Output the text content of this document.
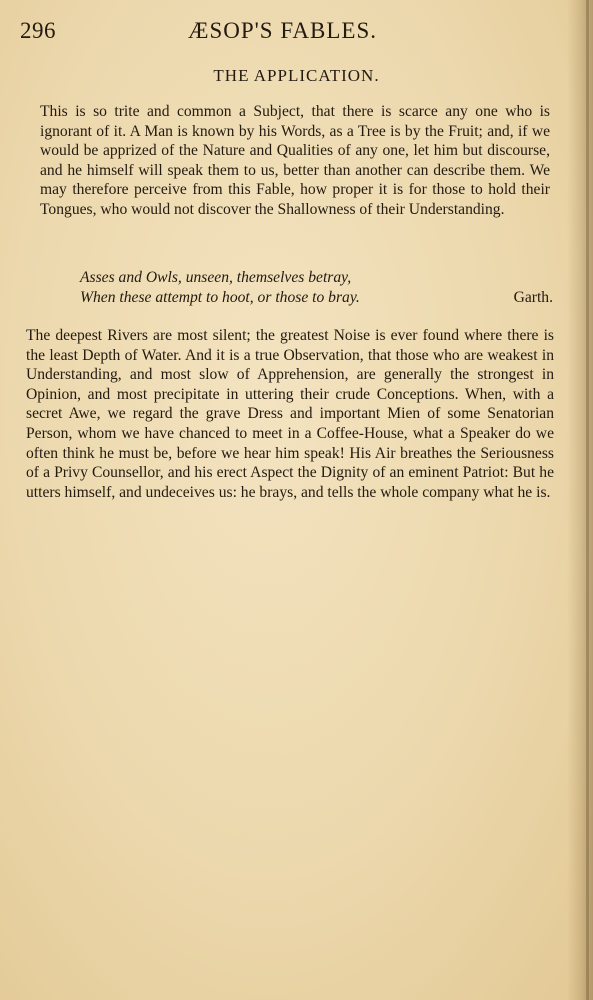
296	ÆSOP'S FABLES.
THE APPLICATION.

This is so trite and common a Subject, that there is scarce any one who is ignorant of it. A Man is known by his Words, as a Tree is by the Fruit; and, if we would be apprized of the Nature and Qualities of any one, let him but discourse, and he himself will speak them to us, better than another can describe them. We may therefore perceive from this Fable, how proper it is for those to hold their Tongues, who would not discover the Shallowness of their Understanding.

Asses and Owls, unseen, themselves betray,
When these attempt to hoot, or those to bray.	Garth.

The deepest Rivers are most silent; the greatest Noise is ever found where there is the least Depth of Water. And it is a true Observation, that those who are weakest in Understanding, and most slow of Apprehension, are generally the strongest in Opinion, and most precipitate in uttering their crude Conceptions. When, with a secret Awe, we regard the grave Dress and important Mien of some Senatorian Person, whom we have chanced to meet in a Coffee-House, what a Speaker do we often think he must be, before we hear him speak! His Air breathes the Seriousness of a Privy Counsellor, and his erect Aspect the Dignity of an eminent Patriot: But he utters himself, and undeceives us: he brays, and tells the whole company what he is.
